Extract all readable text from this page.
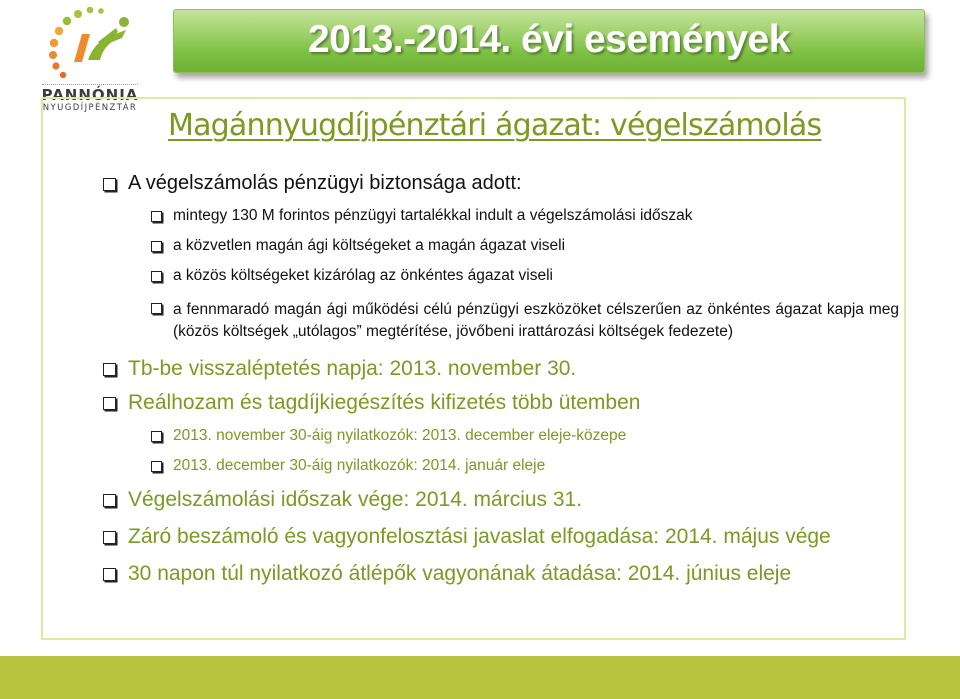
PANNÓNIA
NYUGDÍJPÉNZTÁR
2013.-2014. évi események
Magánnyugdíjpénztári ágazat: végelszámolás
A végelszámolás pénzügyi biztonsága adott:
mintegy 130 M forintos pénzügyi tartalékkal indult a végelszámolási időszak
a közvetlen magán ági költségeket a magán ágazat viseli
a közös költségeket kizárólag az önkéntes ágazat viseli
a fennmaradó magán ági működési célú pénzügyi eszközöket célszerűen az önkéntes ágazat kapja meg (közös költségek „utólagos” megtérítése, jövőbeni irattározási költségek fedezete)
Tb-be visszaléptetés napja: 2013. november 30.
Reálhozam és tagdíjkiegészítés kifizetés több ütemben
2013. november 30-áig nyilatkozók: 2013. december eleje-közepe
2013. december 30-áig nyilatkozók: 2014. január eleje
Végelszámolási időszak vége: 2014. március 31.
Záró beszámoló és vagyonfelosztási javaslat elfogadása: 2014. május vége
30 napon túl nyilatkozó átlépők vagyonának átadása: 2014. június eleje
